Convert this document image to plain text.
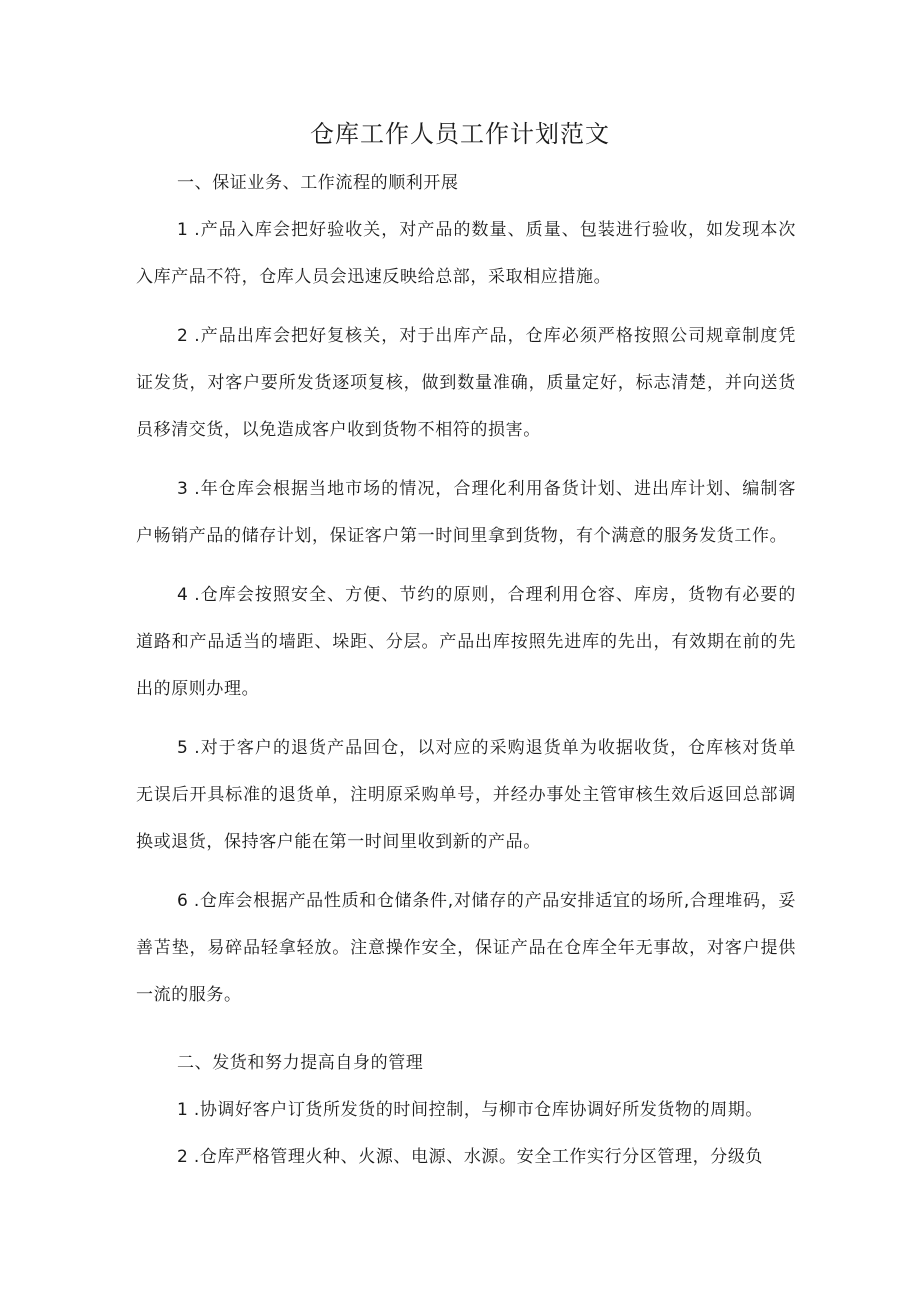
仓库工作人员工作计划范文
一、保证业务、工作流程的顺利开展

1 .产品入库会把好验收关，对产品的数量、质量、包装进行验收，如发现本次入库产品不符，仓库人员会迅速反映给总部，采取相应措施。

2 .产品出库会把好复核关，对于出库产品，仓库必须严格按照公司规章制度凭证发货，对客户要所发货逐项复核，做到数量准确，质量定好，标志清楚，并向送货员移清交货，以免造成客户收到货物不相符的损害。

3 .年仓库会根据当地市场的情况，合理化利用备货计划、进出库计划、编制客户畅销产品的储存计划，保证客户第一时间里拿到货物，有个满意的服务发货工作。

4 .仓库会按照安全、方便、节约的原则，合理利用仓容、库房，货物有必要的道路和产品适当的墙距、垛距、分层。产品出库按照先进库的先出，有效期在前的先出的原则办理。

5 .对于客户的退货产品回仓，以对应的采购退货单为收据收货，仓库核对货单无误后开具标准的退货单，注明原采购单号，并经办事处主管审核生效后返回总部调换或退货，保持客户能在第一时间里收到新的产品。

6 .仓库会根据产品性质和仓储条件,对储存的产品安排适宜的场所,合理堆码，妥善苫垫，易碎品轻拿轻放。注意操作安全，保证产品在仓库全年无事故，对客户提供一流的服务。

二、发货和努力提高自身的管理

1 .协调好客户订货所发货的时间控制，与柳市仓库协调好所发货物的周期。

2 .仓库严格管理火种、火源、电源、水源。安全工作实行分区管理，分级负
